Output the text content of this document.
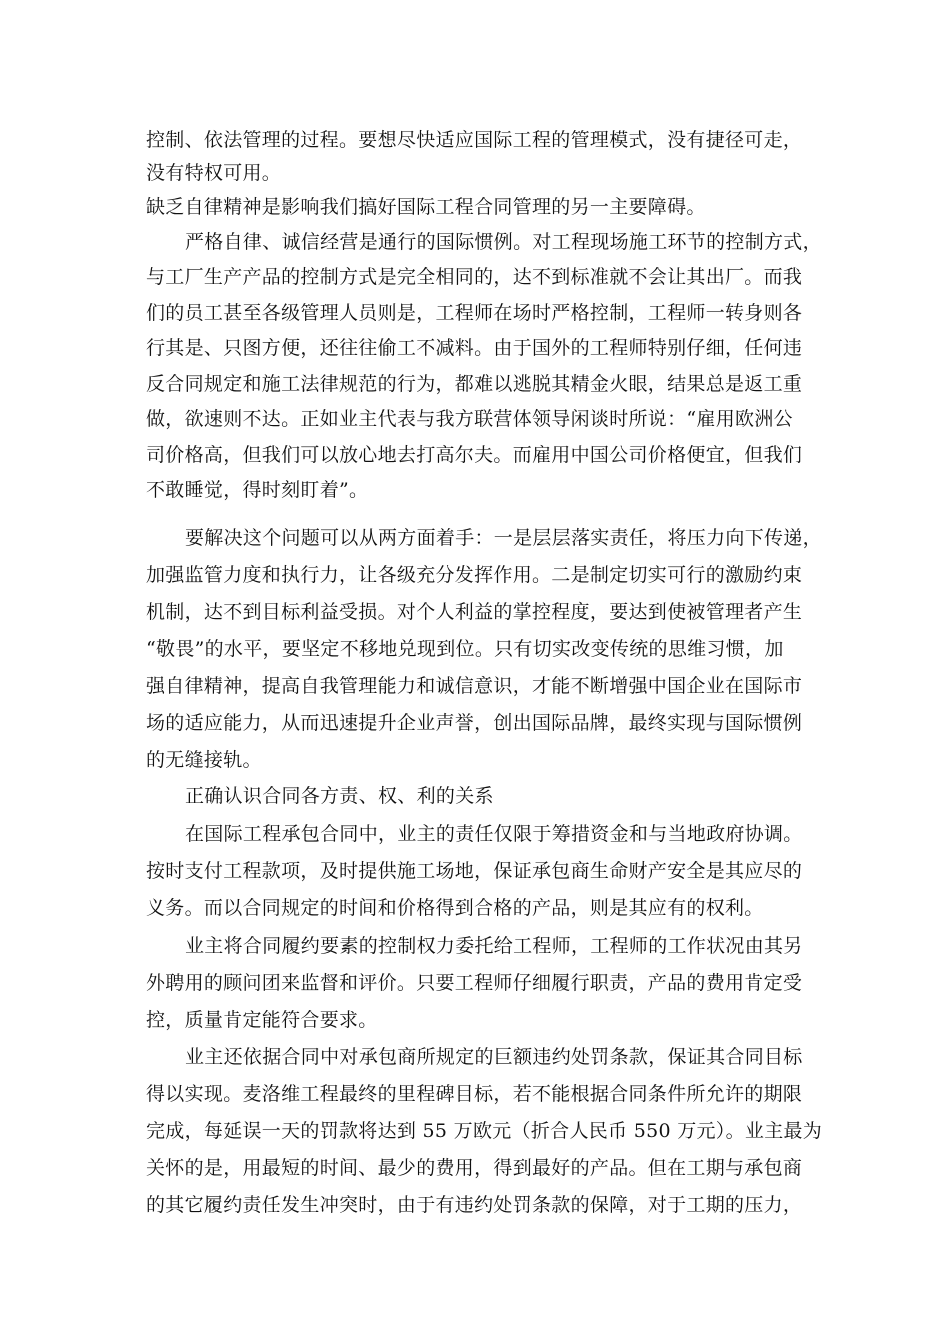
控制、依法管理的过程。要想尽快适应国际工程的管理模式，没有捷径可走，
没有特权可用。
缺乏自律精神是影响我们搞好国际工程合同管理的另一主要障碍。
严格自律、诚信经营是通行的国际惯例。对工程现场施工环节的控制方式，
与工厂生产产品的控制方式是完全相同的，达不到标准就不会让其出厂。而我
们的员工甚至各级管理人员则是，工程师在场时严格控制，工程师一转身则各
行其是、只图方便，还往往偷工不减料。由于国外的工程师特别仔细，任何违
反合同规定和施工法律规范的行为，都难以逃脱其精金火眼，结果总是返工重
做，欲速则不达。正如业主代表与我方联营体领导闲谈时所说：“雇用欧洲公
司价格高，但我们可以放心地去打高尔夫。而雇用中国公司价格便宜，但我们
不敢睡觉，得时刻盯着”。
要解决这个问题可以从两方面着手：一是层层落实责任，将压力向下传递，
加强监管力度和执行力，让各级充分发挥作用。二是制定切实可行的激励约束
机制，达不到目标利益受损。对个人利益的掌控程度，要达到使被管理者产生
“敬畏”的水平，要坚定不移地兑现到位。只有切实改变传统的思维习惯，加
强自律精神，提高自我管理能力和诚信意识，才能不断增强中国企业在国际市
场的适应能力，从而迅速提升企业声誉，创出国际品牌，最终实现与国际惯例
的无缝接轨。
正确认识合同各方责、权、利的关系
在国际工程承包合同中，业主的责任仅限于筹措资金和与当地政府协调。
按时支付工程款项，及时提供施工场地，保证承包商生命财产安全是其应尽的
义务。而以合同规定的时间和价格得到合格的产品，则是其应有的权利。
业主将合同履约要素的控制权力委托给工程师，工程师的工作状况由其另
外聘用的顾问团来监督和评价。只要工程师仔细履行职责，产品的费用肯定受
控，质量肯定能符合要求。
业主还依据合同中对承包商所规定的巨额违约处罚条款，保证其合同目标
得以实现。麦洛维工程最终的里程碑目标，若不能根据合同条件所允许的期限
完成，每延误一天的罚款将达到 55 万欧元（折合人民币 550 万元）。业主最为
关怀的是，用最短的时间、最少的费用，得到最好的产品。但在工期与承包商
的其它履约责任发生冲突时，由于有违约处罚条款的保障，对于工期的压力，
